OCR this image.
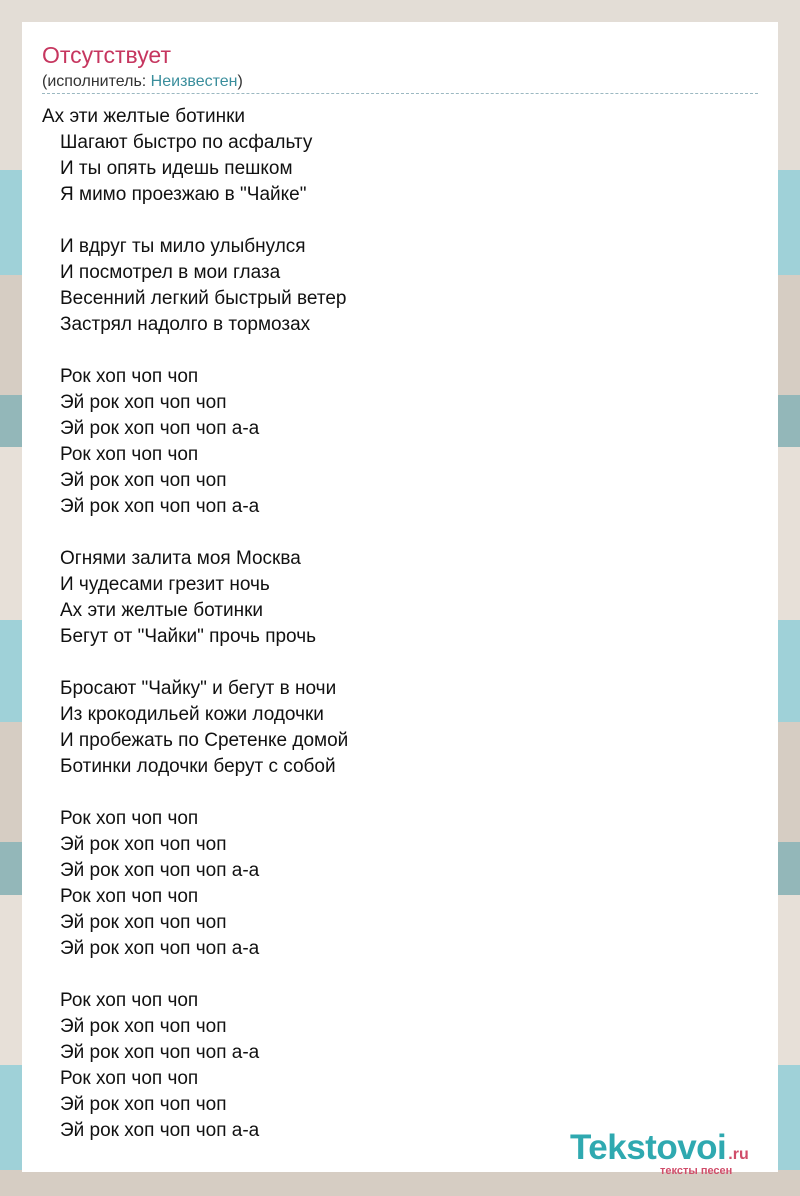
Отсутствует
(исполнитель: Неизвестен)
Ах эти желтые ботинки
Шагают быстро по асфальту
И ты опять идешь пешком
Я мимо проезжаю в "Чайке"
И вдруг ты мило улыбнулся
И посмотрел в мои глаза
Весенний легкий быстрый ветер
Застрял надолго в тормозах
Рок хоп чоп чоп
Эй рок хоп чоп чоп
Эй рок хоп чоп чоп а-а
Рок хоп чоп чоп
Эй рок хоп чоп чоп
Эй рок хоп чоп чоп а-а
Огнями залита моя Москва
И чудесами грезит ночь
Ах эти желтые ботинки
Бегут от "Чайки" прочь прочь
Бросают "Чайку" и бегут в ночи
Из крокодильей кожи лодочки
И пробежать по Сретенке домой
Ботинки лодочки берут с собой
Рок хоп чоп чоп
Эй рок хоп чоп чоп
Эй рок хоп чоп чоп а-а
Рок хоп чоп чоп
Эй рок хоп чоп чоп
Эй рок хоп чоп чоп а-а
Рок хоп чоп чоп
Эй рок хоп чоп чоп
Эй рок хоп чоп чоп а-а
Рок хоп чоп чоп
Эй рок хоп чоп чоп
Эй рок хоп чоп чоп а-а	Tekstovoi .ru
тексты песен
